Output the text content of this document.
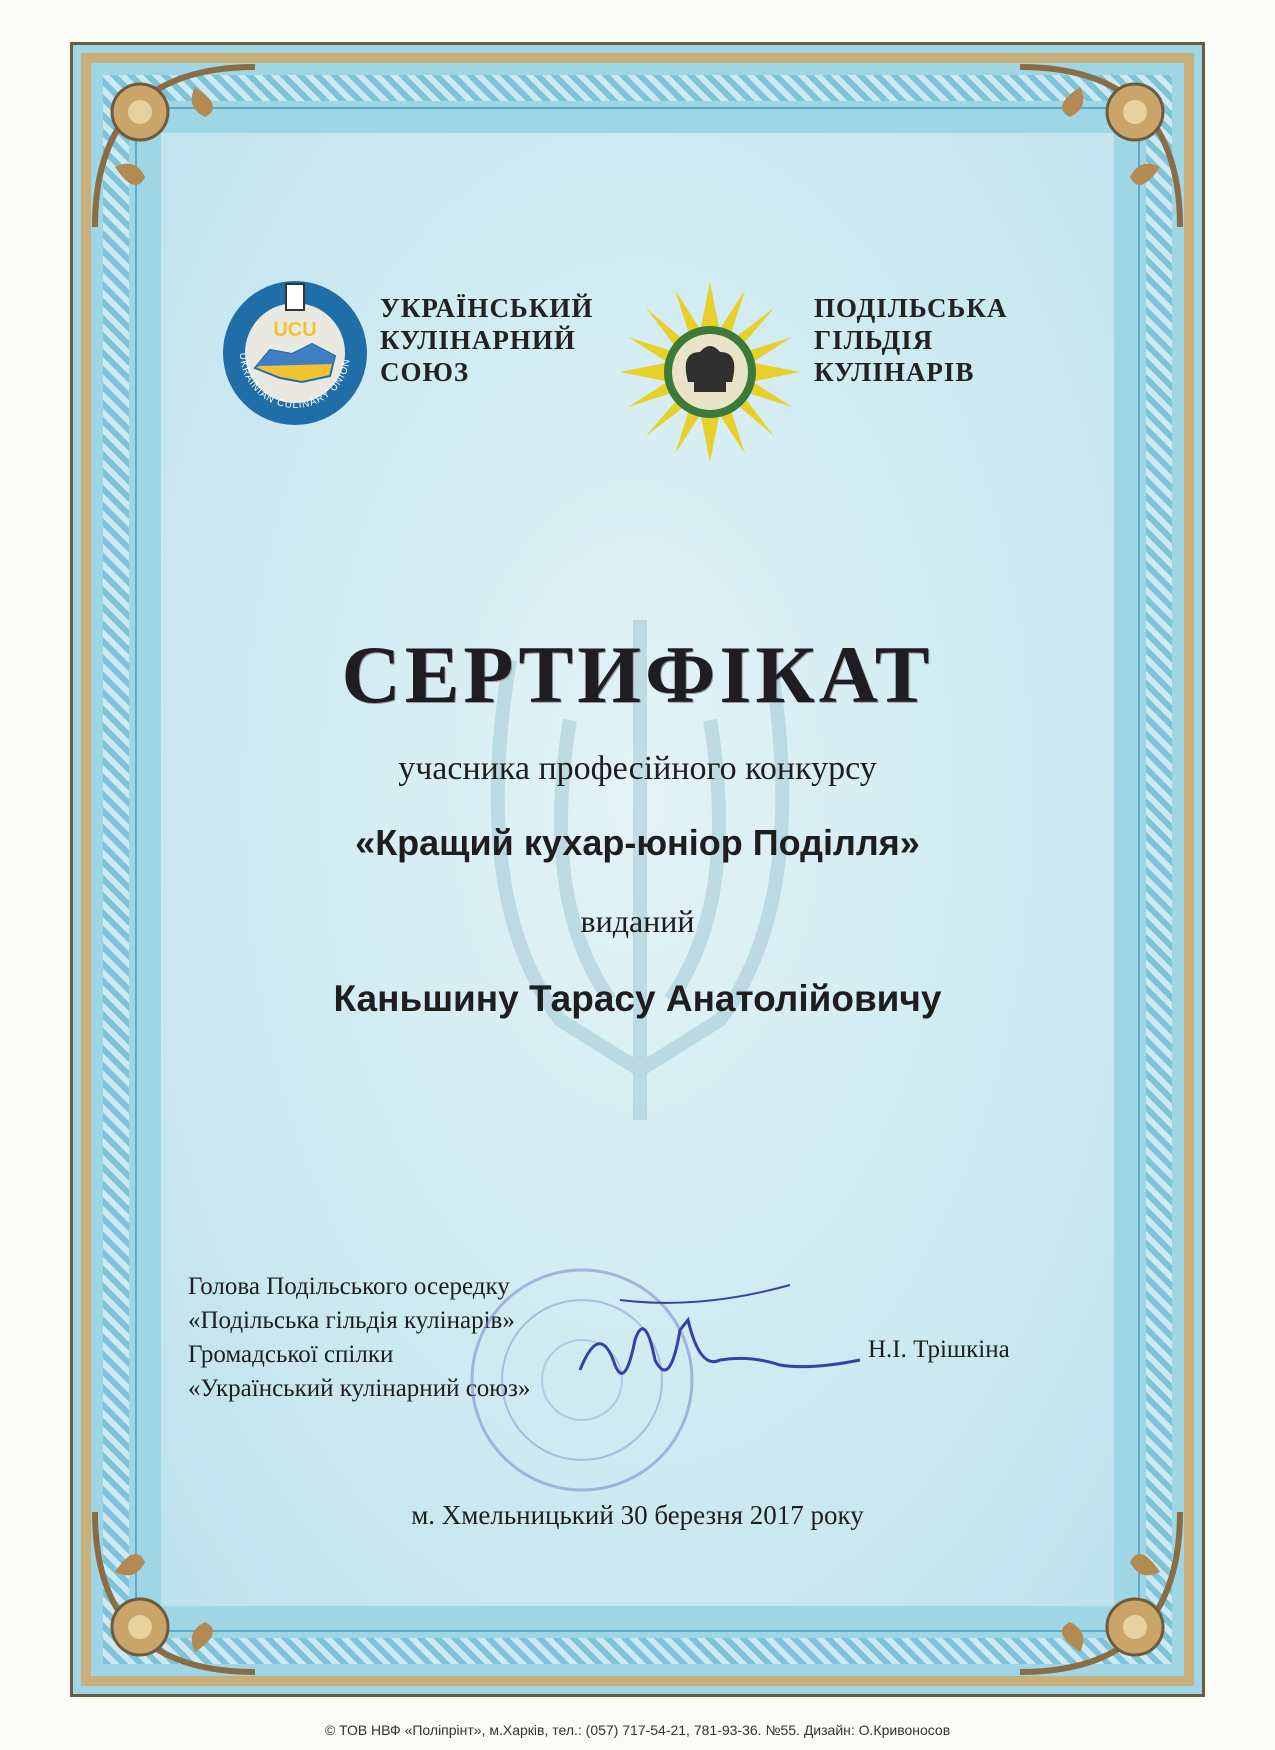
UKRAINIAN CULINARY UNION
UCU
УКРАЇНСЬКИЙ
КУЛІНАРНИЙ
СОЮЗ
ПОДІЛЬСЬКА
ГІЛЬДІЯ
КУЛІНАРІВ
СЕРТИФІКАТ
учасника професійного конкурсу
«Кращий кухар-юніор Поділля»
виданий
Каньшину Тарасу Анатолійовичу
Голова Подільського осередку
«Подільська гільдія кулінарів»
Громадської спілки
«Український кулінарний союз»
Н.І. Трішкіна
м. Хмельницький 30 березня 2017 року
© ТОВ НВФ «Поліпрінт», м.Харків, тел.: (057) 717-54-21, 781-93-36. №55. Дизайн: О.Кривоносов
